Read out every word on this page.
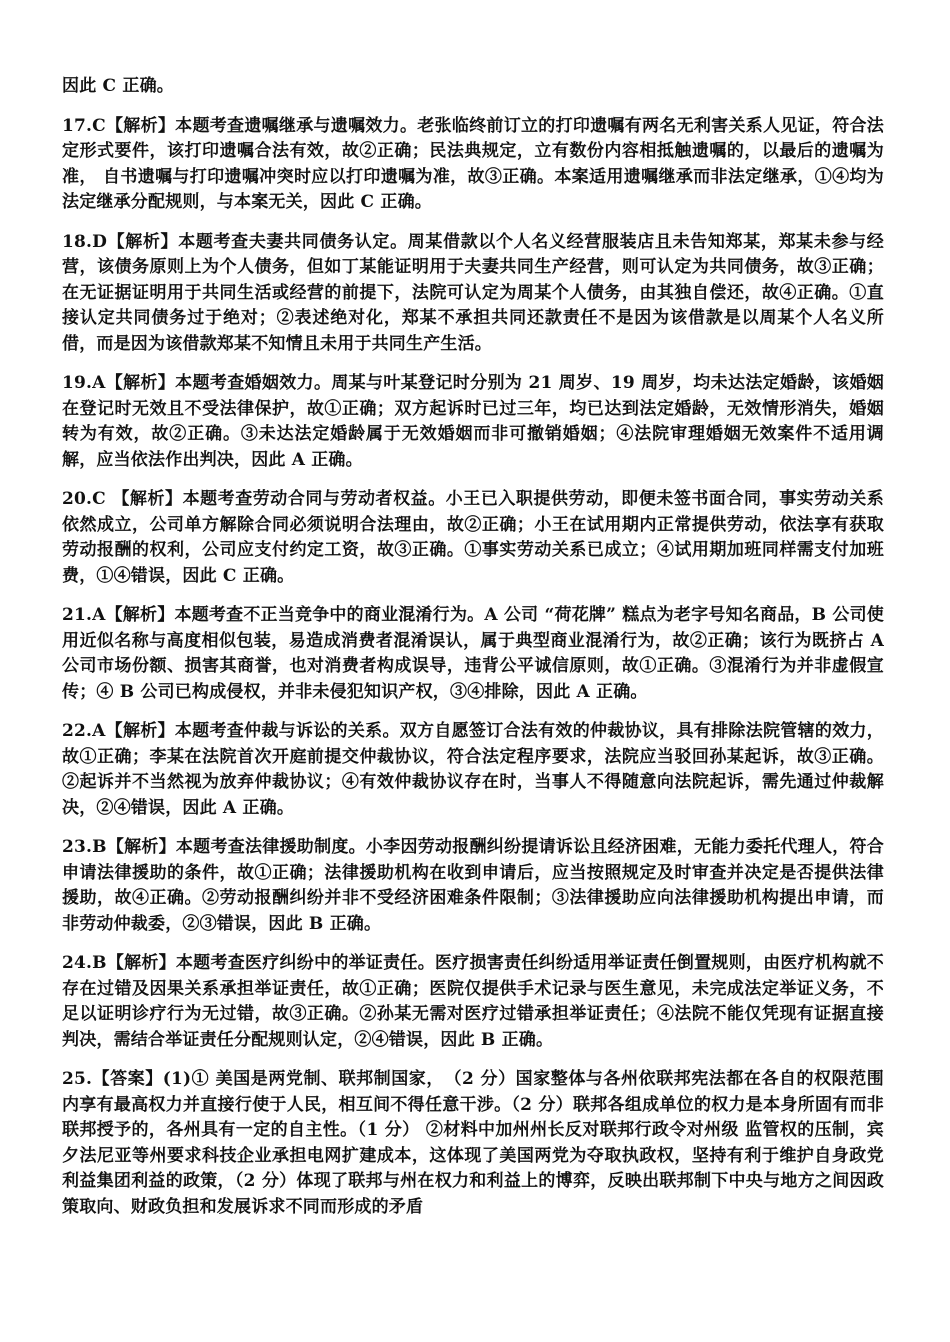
因此 C 正确。

17.C【解析】本题考查遗嘱继承与遗嘱效力。老张临终前订立的打印遗嘱有两名无利害关系人见证，符合法定形式要件，该打印遗嘱合法有效，故②正确；民法典规定，立有数份内容相抵触遗嘱的，以最后的遗嘱为准， 自书遗嘱与打印遗嘱冲突时应以打印遗嘱为准，故③正确。本案适用遗嘱继承而非法定继承，①④均为法定继承分配规则，与本案无关，因此 C 正确。

18.D【解析】本题考查夫妻共同债务认定。周某借款以个人名义经营服装店且未告知郑某，郑某未参与经营，该债务原则上为个人债务，但如丁某能证明用于夫妻共同生产经营，则可认定为共同债务，故③正确；在无证据证明用于共同生活或经营的前提下，法院可认定为周某个人债务，由其独自偿还，故④正确。①直接认定共同债务过于绝对；②表述绝对化，郑某不承担共同还款责任不是因为该借款是以周某个人名义所借，而是因为该借款郑某不知情且未用于共同生产生活。

19.A【解析】本题考查婚姻效力。周某与叶某登记时分别为 21 周岁、19 周岁，均未达法定婚龄，该婚姻在登记时无效且不受法律保护，故①正确；双方起诉时已过三年，均已达到法定婚龄，无效情形消失，婚姻转为有效，故②正确。③未达法定婚龄属于无效婚姻而非可撤销婚姻；④法院审理婚姻无效案件不适用调解，应当依法作出判决，因此 A 正确。

20.C 【解析】本题考查劳动合同与劳动者权益。小王已入职提供劳动，即便未签书面合同，事实劳动关系依然成立，公司单方解除合同必须说明合法理由，故②正确；小王在试用期内正常提供劳动，依法享有获取劳动报酬的权利，公司应支付约定工资，故③正确。①事实劳动关系已成立；④试用期加班同样需支付加班费，①④错误，因此 C 正确。

21.A【解析】本题考查不正当竞争中的商业混淆行为。A 公司 “荷花牌” 糕点为老字号知名商品，B 公司使用近似名称与高度相似包装，易造成消费者混淆误认，属于典型商业混淆行为，故②正确；该行为既挤占 A 公司市场份额、损害其商誉，也对消费者构成误导，违背公平诚信原则，故①正确。③混淆行为并非虚假宣传；④ B 公司已构成侵权，并非未侵犯知识产权，③④排除，因此 A 正确。

22.A【解析】本题考查仲裁与诉讼的关系。双方自愿签订合法有效的仲裁协议，具有排除法院管辖的效力，故①正确；李某在法院首次开庭前提交仲裁协议，符合法定程序要求，法院应当驳回孙某起诉，故③正确。②起诉并不当然视为放弃仲裁协议；④有效仲裁协议存在时，当事人不得随意向法院起诉，需先通过仲裁解决，②④错误，因此 A 正确。

23.B【解析】本题考查法律援助制度。小李因劳动报酬纠纷提请诉讼且经济困难，无能力委托代理人，符合申请法律援助的条件，故①正确；法律援助机构在收到申请后，应当按照规定及时审查并决定是否提供法律援助，故④正确。②劳动报酬纠纷并非不受经济困难条件限制；③法律援助应向法律援助机构提出申请，而非劳动仲裁委，②③错误，因此 B 正确。

24.B【解析】本题考查医疗纠纷中的举证责任。医疗损害责任纠纷适用举证责任倒置规则，由医疗机构就不存在过错及因果关系承担举证责任，故①正确；医院仅提供手术记录与医生意见，未完成法定举证义务，不足以证明诊疗行为无过错，故③正确。②孙某无需对医疗过错承担举证责任；④法院不能仅凭现有证据直接判决，需结合举证责任分配规则认定，②④错误，因此 B 正确。

25.【答案】(1)① 美国是两党制、联邦制国家，　（2 分）国家整体与各州依联邦宪法都在各自的权限范围内享有最高权力并直接行使于人民，相互间不得任意干涉。（2 分）联邦各组成单位的权力是本身所固有而非联邦授予的，各州具有一定的自主性。（1 分） ②材料中加州州长反对联邦行政令对州级 监管权的压制，宾夕法尼亚等州要求科技企业承担电网扩建成本，这体现了美国两党为夺取执政权，坚持有利于维护自身政党利益集团利益的政策，（2 分）体现了联邦与州在权力和利益上的博弈，反映出联邦制下中央与地方之间因政策取向、财政负担和发展诉求不同而形成的矛盾
